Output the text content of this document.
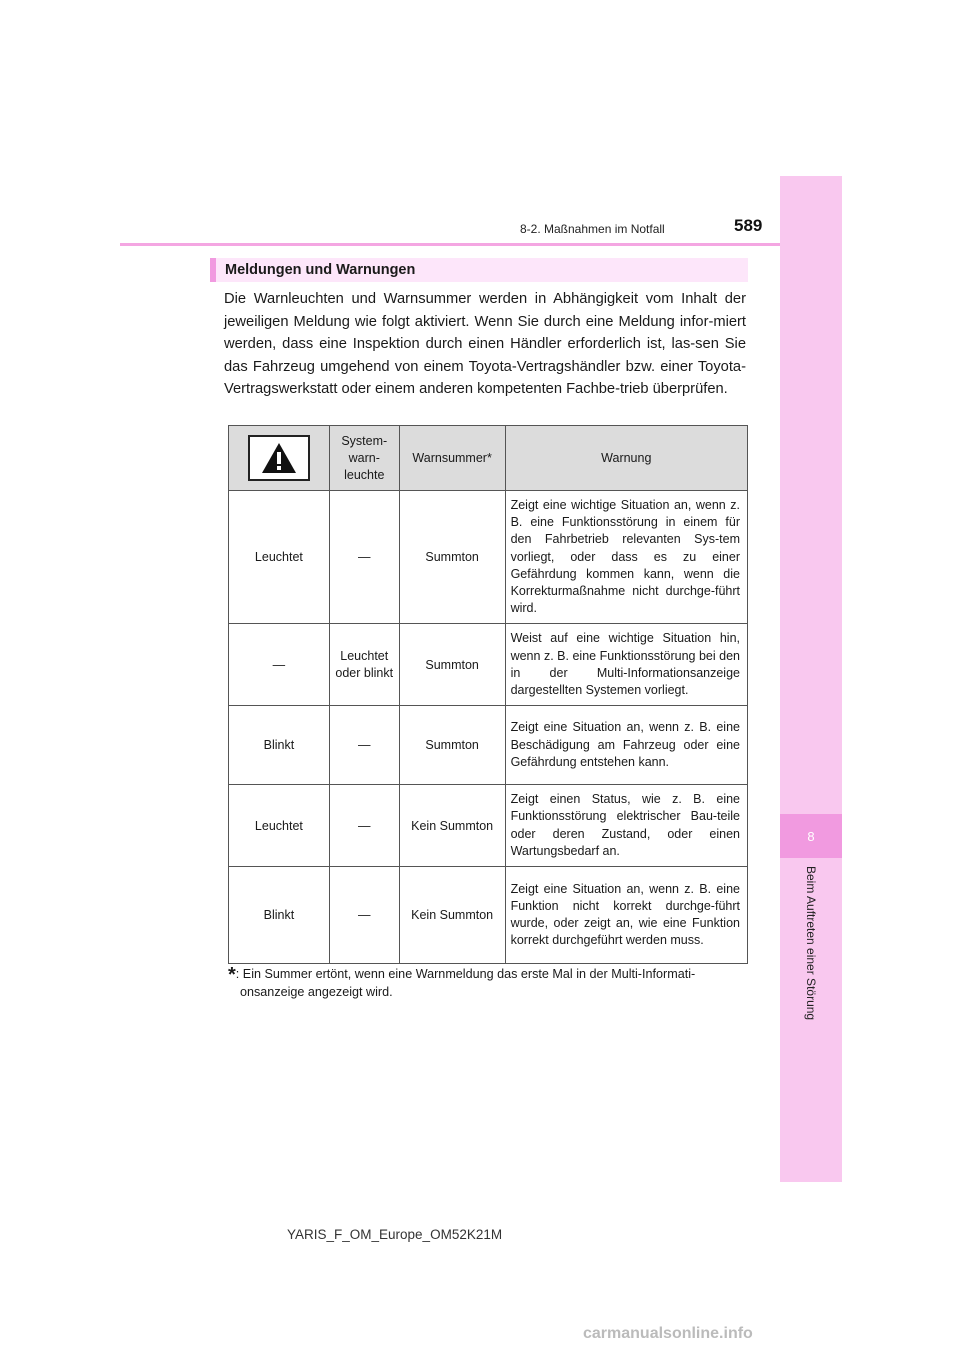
8
Beim Auftreten einer Störung
8-2. Maßnahmen im Notfall	589
Meldungen und Warnungen
Die Warnleuchten und Warnsummer werden in Abhängigkeit vom Inhalt der jeweiligen Meldung wie folgt aktiviert. Wenn Sie durch eine Meldung infor-miert werden, dass eine Inspektion durch einen Händler erforderlich ist, las-sen Sie das Fahrzeug umgehend von einem Toyota-Vertragshändler bzw. einer Toyota-Vertragswerkstatt oder einem anderen kompetenten Fachbe-trieb überprüfen.
	System-
warn-
leuchte	Warnsummer*	Warnung
Leuchtet	—	Summton	Zeigt eine wichtige Situation an, wenn z. B. eine Funktionsstörung in einem für den Fahrbetrieb relevanten Sys-tem vorliegt, oder dass es zu einer Gefährdung kommen kann, wenn die Korrekturmaßnahme nicht durchge-führt wird.
—	Leuchtet
oder blinkt	Summton	Weist auf eine wichtige Situation hin, wenn z. B. eine Funktionsstörung bei den in der Multi-Informationsanzeige dargestellten Systemen vorliegt.
Blinkt	—	Summton	Zeigt eine Situation an, wenn z. B. eine Beschädigung am Fahrzeug oder eine Gefährdung entstehen kann.
Leuchtet	—	Kein Summton	Zeigt einen Status, wie z. B. eine Funktionsstörung elektrischer Bau-teile oder deren Zustand, oder einen Wartungsbedarf an.
Blinkt	—	Kein Summton	Zeigt eine Situation an, wenn z. B. eine Funktion nicht korrekt durchge-führt wurde, oder zeigt an, wie eine Funktion korrekt durchgeführt werden muss.
*: Ein Summer ertönt, wenn eine Warnmeldung das erste Mal in der Multi-Informati-
onsanzeige angezeigt wird.
YARIS_F_OM_Europe_OM52K21M
carmanualsonline.info
